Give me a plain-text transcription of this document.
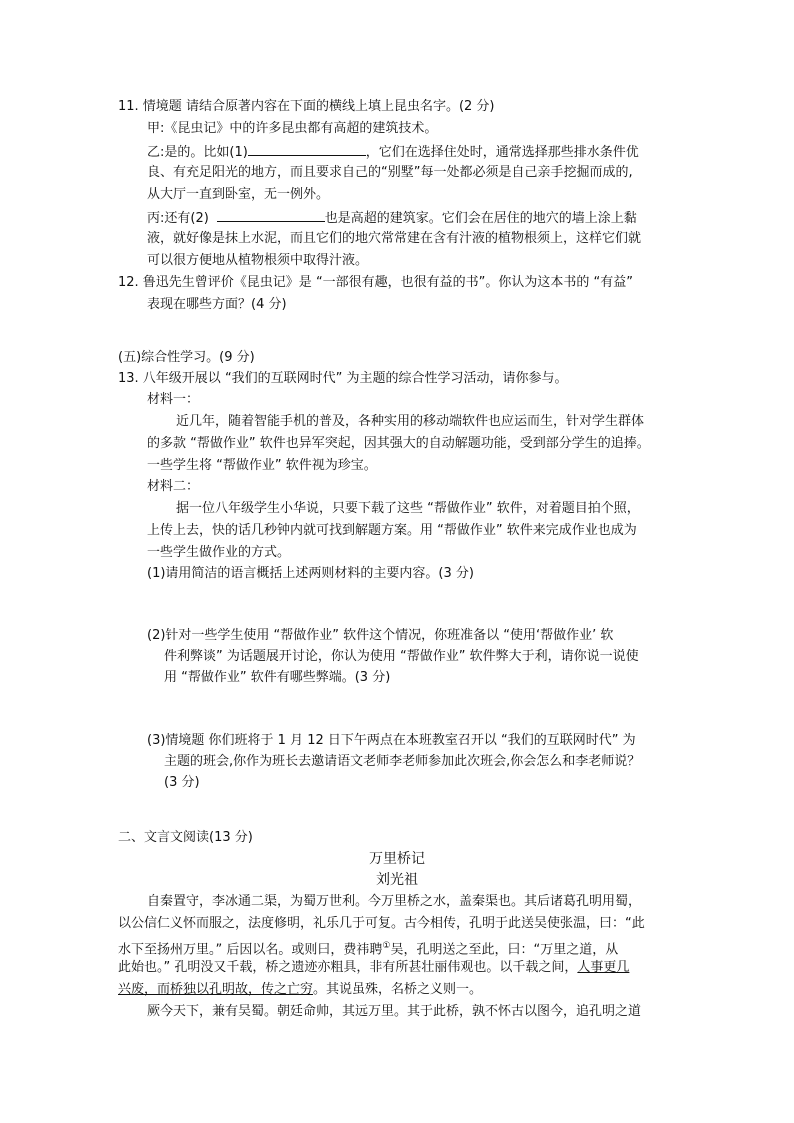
11. 情境题 请结合原著内容在下面的横线上填上昆虫名字。(2 分)
甲:《昆虫记》中的许多昆虫都有高超的建筑技术。
乙:是的。比如(1)	，它们在选择住处时，通常选择那些排水条件优
良、有充足阳光的地方，而且要求自己的“别墅”每一处都必须是自己亲手挖掘而成的,
从大厅一直到卧室，无一例外。
丙:还有(2)	也是高超的建筑家。它们会在居住的地穴的墙上涂上黏
液，就好像是抹上水泥，而且它们的地穴常常建在含有汁液的植物根须上，这样它们就
可以很方便地从植物根须中取得汁液。
12. 鲁迅先生曾评价《昆虫记》是 “一部很有趣，也很有益的书”。你认为这本书的 “有益”
表现在哪些方面？(4 分)
(五)综合性学习。(9 分)
13. 八年级开展以 “我们的互联网时代” 为主题的综合性学习活动，请你参与。
材料一：
近几年，随着智能手机的普及，各种实用的移动端软件也应运而生，针对学生群体
的多款 “帮做作业” 软件也异军突起，因其强大的自动解题功能，受到部分学生的追捧。
一些学生将 “帮做作业” 软件视为珍宝。
材料二：
据一位八年级学生小华说，只要下载了这些 “帮做作业” 软件，对着题目拍个照，
上传上去，快的话几秒钟内就可找到解题方案。用 “帮做作业” 软件来完成作业也成为
一些学生做作业的方式。
(1)请用简洁的语言概括上述两则材料的主要内容。(3 分)
(2)针对一些学生使用 “帮做作业” 软件这个情况，你班准备以 “使用‘帮做作业’ 软
件利弊谈” 为话题展开讨论，你认为使用 “帮做作业” 软件弊大于利，请你说一说使
用 “帮做作业” 软件有哪些弊端。(3 分)
(3)情境题 你们班将于 1 月 12 日下午两点在本班教室召开以 “我们的互联网时代” 为
主题的班会,你作为班长去邀请语文老师李老师参加此次班会,你会怎么和李老师说？
(3 分)
二、文言文阅读(13 分)
万里桥记
刘光祖
自秦置守，李冰通二渠，为蜀万世利。今万里桥之水，盖秦渠也。其后诸葛孔明用蜀，
以公信仁义怀而服之，法度修明，礼乐几于可复。古今相传，孔明于此送吴使张温，曰：“此
水下至扬州万里。” 后因以名。或则曰，费祎聘①吴，孔明送之至此，曰：“万里之道，从
此始也。” 孔明没又千载，桥之遗迹亦粗具，非有所甚壮丽伟观也。以千载之间，人事更几
兴废，而桥独以孔明故，传之亡穷。其说虽殊，名桥之义则一。
厥今天下，兼有吴蜀。朝廷命帅，其远万里。其于此桥，孰不怀古以图今，追孔明之道
